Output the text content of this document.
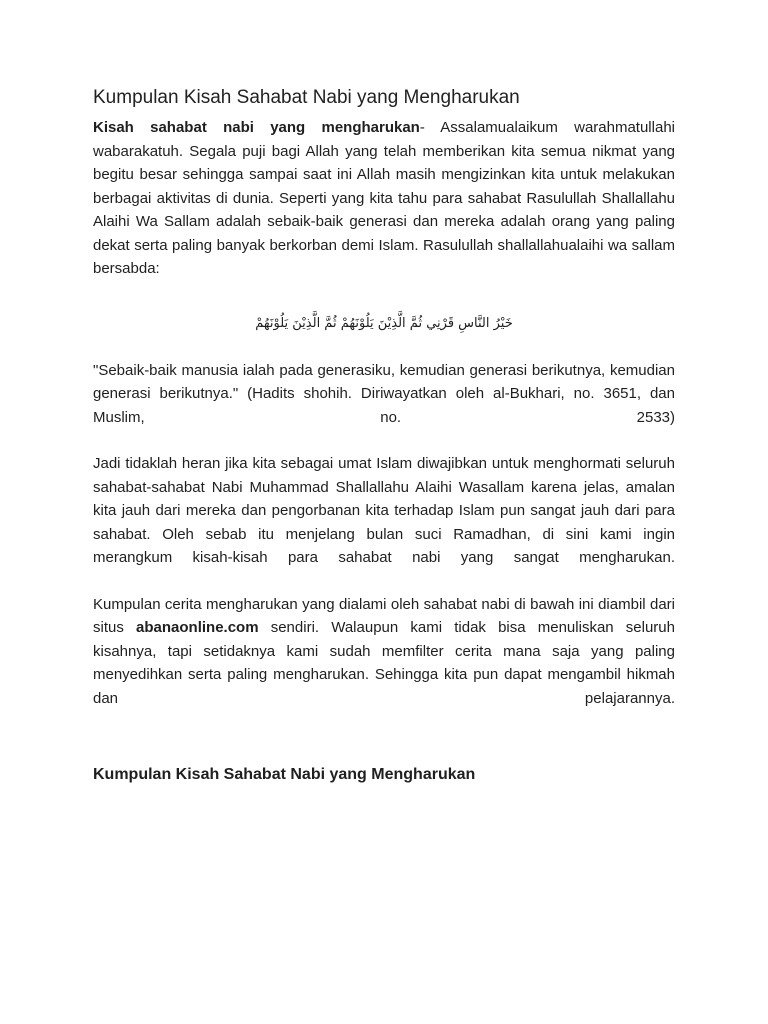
Kumpulan Kisah Sahabat Nabi yang Mengharukan

Kisah sahabat nabi yang mengharukan- Assalamualaikum warahmatullahi wabarakatuh. Segala puji bagi Allah yang telah memberikan kita semua nikmat yang begitu besar sehingga sampai saat ini Allah masih mengizinkan kita untuk melakukan berbagai aktivitas di dunia. Seperti yang kita tahu para sahabat Rasulullah Shallallahu Alaihi Wa Sallam adalah sebaik-baik generasi dan mereka adalah orang yang paling dekat serta paling banyak berkorban demi Islam. Rasulullah shallallahualaihi wa sallam bersabda:

خَيْرُ النَّاسِ قَرْنِي ثُمَّ الَّذِيْنَ يَلُوْنَهُمْ ثُمَّ الَّذِيْنَ يَلُوْنَهُمْ

"Sebaik-baik manusia ialah pada generasiku, kemudian generasi berikutnya, kemudian generasi berikutnya." (Hadits shohih. Diriwayatkan oleh al-Bukhari, no. 3651, dan Muslim, no. 2533)

Jadi tidaklah heran jika kita sebagai umat Islam diwajibkan untuk menghormati seluruh sahabat-sahabat Nabi Muhammad Shallallahu Alaihi Wasallam karena jelas, amalan kita jauh dari mereka dan pengorbanan kita terhadap Islam pun sangat jauh dari para sahabat. Oleh sebab itu menjelang bulan suci Ramadhan, di sini kami ingin merangkum kisah-kisah para sahabat nabi yang sangat mengharukan.

Kumpulan cerita mengharukan yang dialami oleh sahabat nabi di bawah ini diambil dari situs abanaonline.com sendiri. Walaupun kami tidak bisa menuliskan seluruh kisahnya, tapi setidaknya kami sudah memfilter cerita mana saja yang paling menyedihkan serta paling mengharukan. Sehingga kita pun dapat mengambil hikmah dan pelajarannya.

Kumpulan Kisah Sahabat Nabi yang Mengharukan
